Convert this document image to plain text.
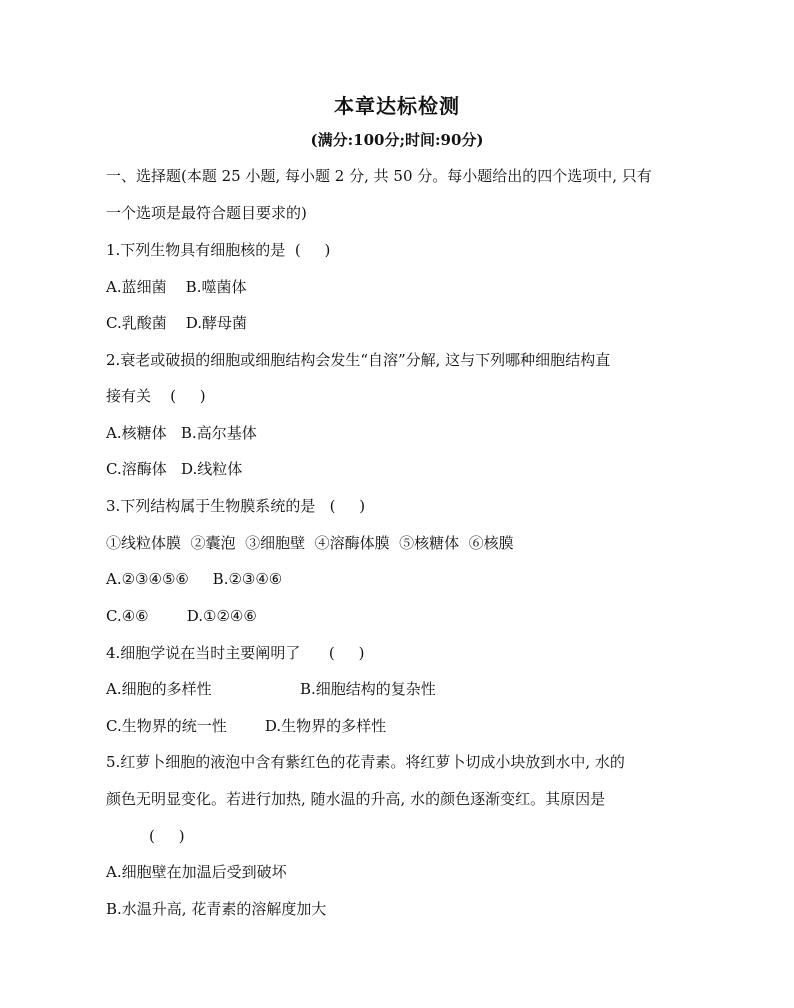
本章达标检测
(满分:100分;时间:90分)
一、选择题(本题 25 小题, 每小题 2 分, 共 50 分。每小题给出的四个选项中, 只有
一个选项是最符合题目要求的)
1.下列生物具有细胞核的是  (     )
A.蓝细菌    B.噬菌体
C.乳酸菌    D.酵母菌
2.衰老或破损的细胞或细胞结构会发生“自溶”分解, 这与下列哪种细胞结构直
接有关    (     )
A.核糖体   B.高尔基体
C.溶酶体   D.线粒体
3.下列结构属于生物膜系统的是   (     )
①线粒体膜  ②囊泡  ③细胞壁  ④溶酶体膜  ⑤核糖体  ⑥核膜
A.②③④⑤⑥     B.②③④⑥
C.④⑥        D.①②④⑥
4.细胞学说在当时主要阐明了      (     )
A.细胞的多样性	B.细胞结构的复杂性
C.生物界的统一性        D.生物界的多样性
5.红萝卜细胞的液泡中含有紫红色的花青素。将红萝卜切成小块放到水中, 水的
颜色无明显变化。若进行加热, 随水温的升高, 水的颜色逐渐变红。其原因是
(     )
A.细胞壁在加温后受到破坏
B.水温升高, 花青素的溶解度加大
